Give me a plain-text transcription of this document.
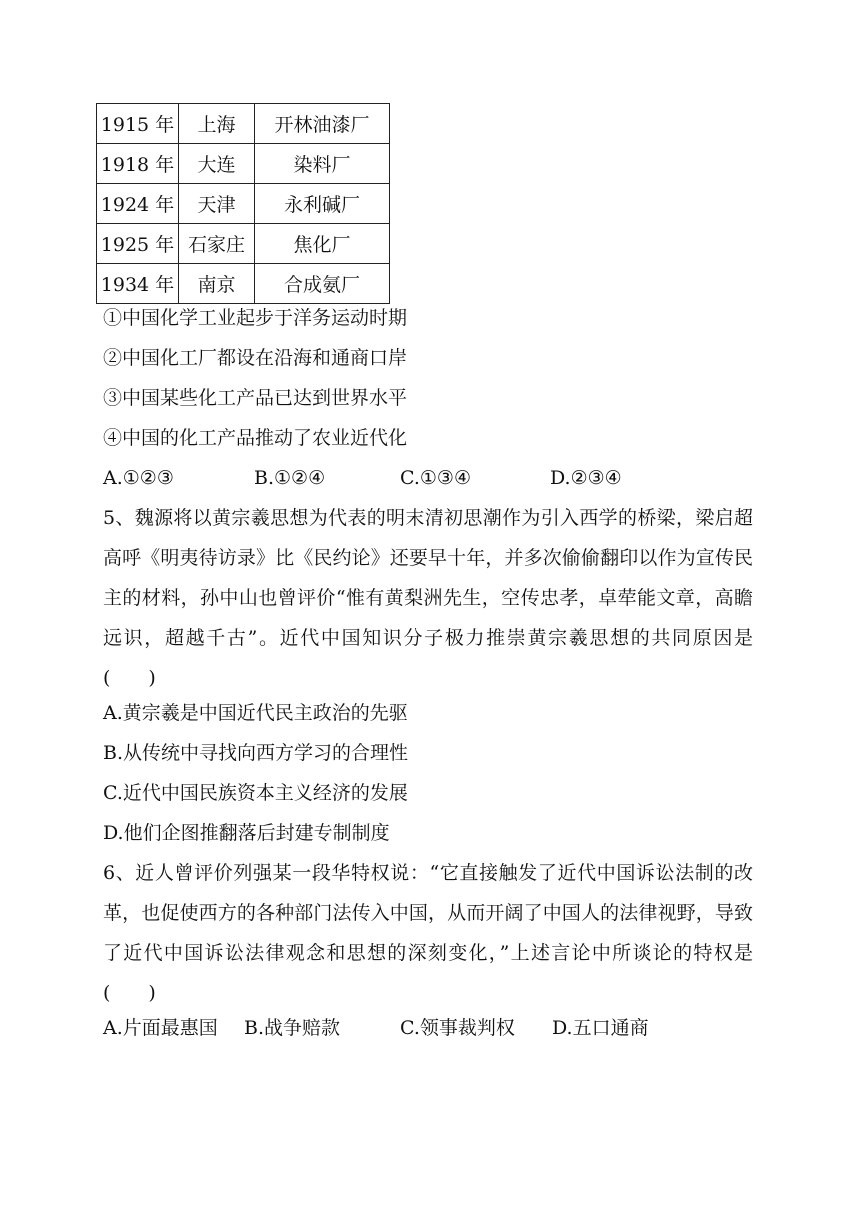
1915 年	上海	开林油漆厂
1918 年	大连	染料厂
1924 年	天津	永利碱厂
1925 年	石家庄	焦化厂
1934 年	南京	合成氨厂
①中国化学工业起步于洋务运动时期
②中国化工厂都设在沿海和通商口岸
③中国某些化工产品已达到世界水平
④中国的化工产品推动了农业近代化
A.①②③	B.①②④	C.①③④	D.②③④
5、魏源将以黄宗羲思想为代表的明末清初思潮作为引入西学的桥梁，梁启超高呼《明夷待访录》比《民约论》还要早十年，并多次偷偷翻印以作为宣传民主的材料，孙中山也曾评价“惟有黄梨洲先生，空传忠孝，卓荦能文章，高瞻远识，超越千古”。近代中国知识分子极力推崇黄宗羲思想的共同原因是(　　)
A.黄宗羲是中国近代民主政治的先驱
B.从传统中寻找向西方学习的合理性
C.近代中国民族资本主义经济的发展
D.他们企图推翻落后封建专制制度
6、近人曾评价列强某一段华特权说：“它直接触发了近代中国诉讼法制的改革，也促使西方的各种部门法传入中国，从而开阔了中国人的法律视野，导致了近代中国诉讼法律观念和思想的深刻变化，”上述言论中所谈论的特权是(　　)
A.片面最惠国 B.战争赔款	C.领事裁判权 D.五口通商
